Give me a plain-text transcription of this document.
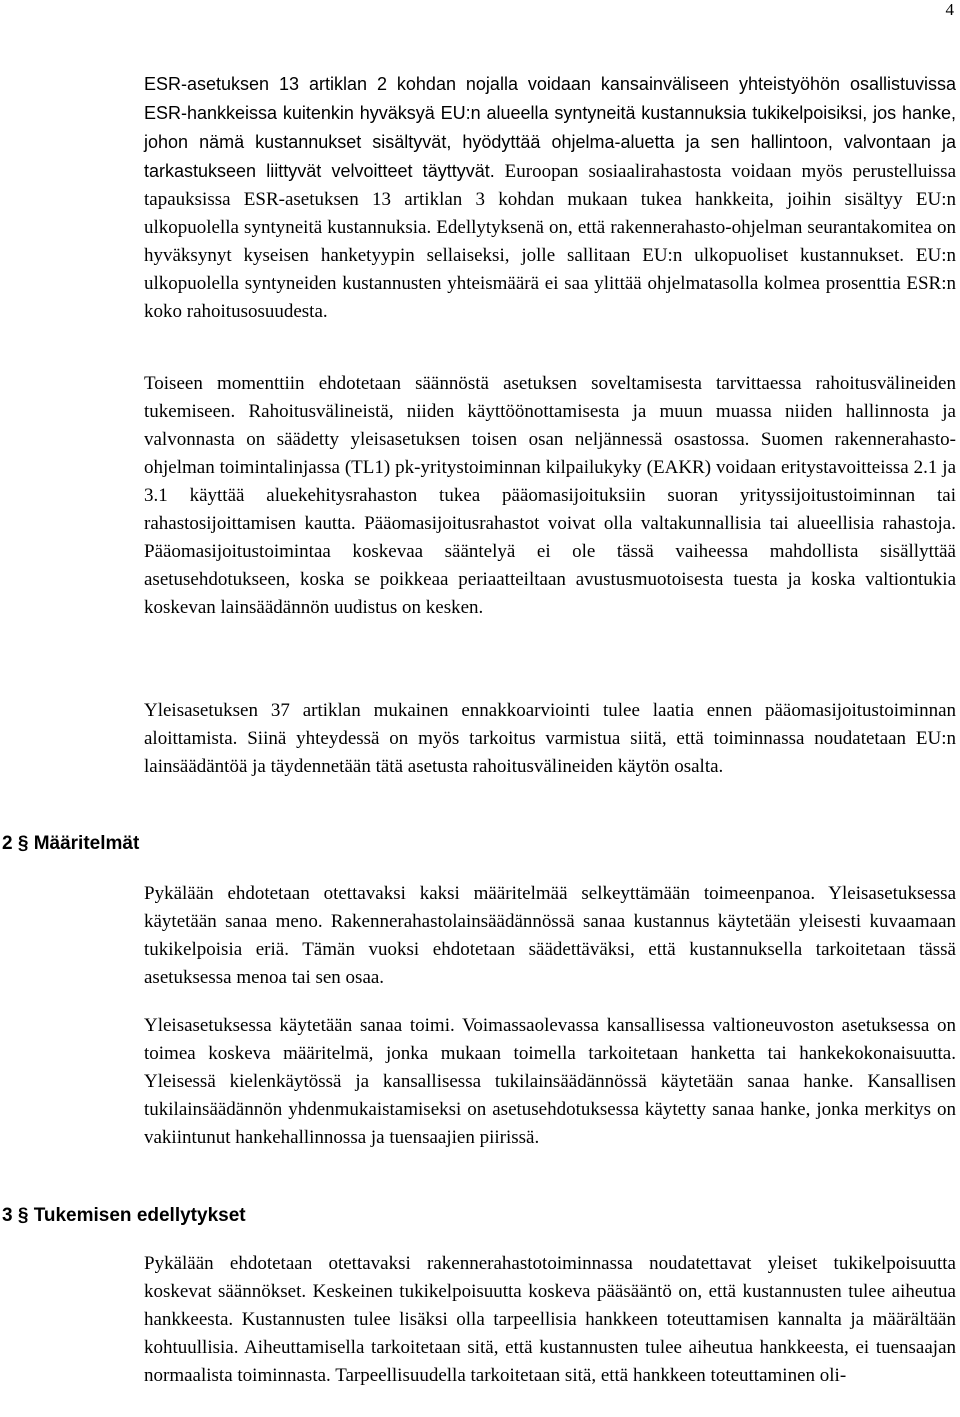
4

ESR-asetuksen 13 artiklan 2 kohdan nojalla voidaan kansainväliseen yhteistyöhön osallistuvissa ESR-hankkeissa kuitenkin hyväksyä EU:n alueella syntyneitä kustannuksia tukikelpoisiksi, jos hanke, johon nämä kustannukset sisältyvät, hyödyttää ohjelma-aluetta ja sen hallintoon, valvontaan ja tarkastukseen liittyvät velvoitteet täyttyvät. Euroopan sosiaalirahastosta voidaan myös perustelluissa tapauksissa ESR-asetuksen 13 artiklan 3 kohdan mukaan tukea hankkeita, joihin sisältyy EU:n ulkopuolella syntyneitä kustannuksia. Edellytyksenä on, että rakennerahasto-ohjelman seurantakomitea on hyväksynyt kyseisen hanketyypin sellaiseksi, jolle sallitaan EU:n ulkopuoliset kustannukset. EU:n ulkopuolella syntyneiden kustannusten yhteismäärä ei saa ylittää ohjelmatasolla kolmea prosenttia ESR:n koko rahoitusosuudesta.

Toiseen momenttiin ehdotetaan säännöstä asetuksen soveltamisesta tarvittaessa rahoitusvälineiden tukemiseen. Rahoitusvälineistä, niiden käyttöönottamisesta ja muun muassa niiden hallinnosta ja valvonnasta on säädetty yleisasetuksen toisen osan neljännessä osastossa. Suomen rakennerahasto-ohjelman toimintalinjassa (TL1) pk-yritystoiminnan kilpailukyky (EAKR) voidaan eritystavoitteissa 2.1 ja 3.1 käyttää aluekehitysrahaston tukea pääomasijoituksiin suoran yrityssijoitustoiminnan tai rahastosijoittamisen kautta. Pääomasijoitusrahastot voivat olla valtakunnallisia tai alueellisia rahastoja. Pääomasijoitustoimintaa koskevaa sääntelyä ei ole tässä vaiheessa mahdollista sisällyttää asetusehdotukseen, koska se poikkeaa periaatteiltaan avustusmuotoisesta tuesta ja koska valtiontukia koskevan lainsäädännön uudistus on kesken.

Yleisasetuksen 37 artiklan mukainen ennakkoarviointi tulee laatia ennen pääomasijoitustoiminnan aloittamista. Siinä yhteydessä on myös tarkoitus varmistua siitä, että toiminnassa noudatetaan EU:n lainsäädäntöä ja täydennetään tätä asetusta rahoitusvälineiden käytön osalta.

2 § Määritelmät

Pykälään ehdotetaan otettavaksi kaksi määritelmää selkeyttämään toimeenpanoa. Yleisasetuksessa käytetään sanaa meno. Rakennerahastolainsäädännössä sanaa kustannus käytetään yleisesti kuvaamaan tukikelpoisia eriä. Tämän vuoksi ehdotetaan säädettäväksi, että kustannuksella tarkoitetaan tässä asetuksessa menoa tai sen osaa.

Yleisasetuksessa käytetään sanaa toimi. Voimassaolevassa kansallisessa valtioneuvoston asetuksessa on toimea koskeva määritelmä, jonka mukaan toimella tarkoitetaan hanketta tai hankekokonaisuutta. Yleisessä kielenkäytössä ja kansallisessa tukilainsäädännössä käytetään sanaa hanke. Kansallisen tukilainsäädännön yhdenmukaistamiseksi on asetusehdotuksessa käytetty sanaa hanke, jonka merkitys on vakiintunut hankehallinnossa ja tuensaajien piirissä.

3 § Tukemisen edellytykset

Pykälään ehdotetaan otettavaksi rakennerahastotoiminnassa noudatettavat yleiset tukikelpoisuutta koskevat säännökset. Keskeinen tukikelpoisuutta koskeva pääsääntö on, että kustannusten tulee aiheutua hankkeesta. Kustannusten tulee lisäksi olla tarpeellisia hankkeen toteuttamisen kannalta ja määrältään kohtuullisia. Aiheuttamisella tarkoitetaan sitä, että kustannusten tulee aiheutua hankkeesta, ei tuensaajan normaalista toiminnasta. Tarpeellisuudella tarkoitetaan sitä, että hankkeen toteuttaminen oli-
